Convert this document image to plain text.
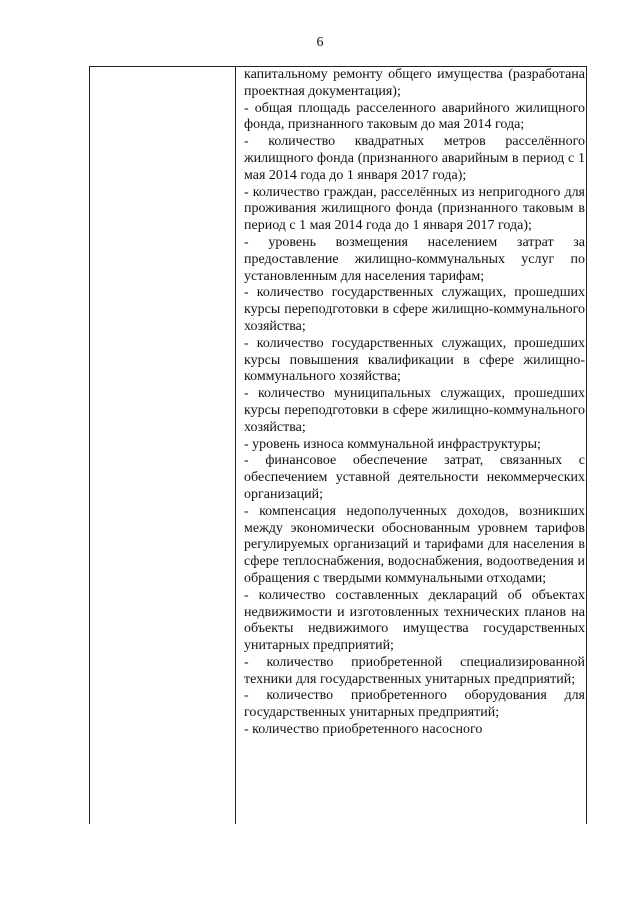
6

капитальному ремонту общего имущества (разработана проектная документация);

- общая площадь расселенного аварийного жилищного фонда, признанного таковым до мая 2014 года;

- количество квадратных метров расселённого жилищного фонда (признанного аварийным в период с 1 мая 2014 года до 1 января 2017 года);

- количество граждан, расселённых из непригодного для проживания жилищного фонда (признанного таковым в период с 1 мая 2014 года до 1 января 2017 года);

- уровень возмещения населением затрат за предоставление жилищно-коммунальных услуг по установленным для населения тарифам;

- количество государственных служащих, прошедших курсы переподготовки в сфере жилищно-коммунального хозяйства;

- количество государственных служащих, прошедших курсы повышения квалификации в сфере жилищно-коммунального хозяйства;

- количество муниципальных служащих, прошедших курсы переподготовки в сфере жилищно-коммунального хозяйства;

- уровень износа коммунальной инфраструктуры;

- финансовое обеспечение затрат, связанных с обеспечением уставной деятельности некоммерческих организаций;

- компенсация недополученных доходов, возникших между экономически обоснованным уровнем тарифов регулируемых организаций и тарифами для населения в сфере теплоснабжения, водоснабжения, водоотведения и обращения с твердыми коммунальными отходами;

- количество составленных деклараций об объектах недвижимости и изготовленных технических планов на объекты недвижимого имущества государственных унитарных предприятий;

- количество приобретенной специализированной техники для государственных унитарных предприятий;

- количество приобретенного оборудования для государственных унитарных предприятий;

- количество приобретенного насосного
